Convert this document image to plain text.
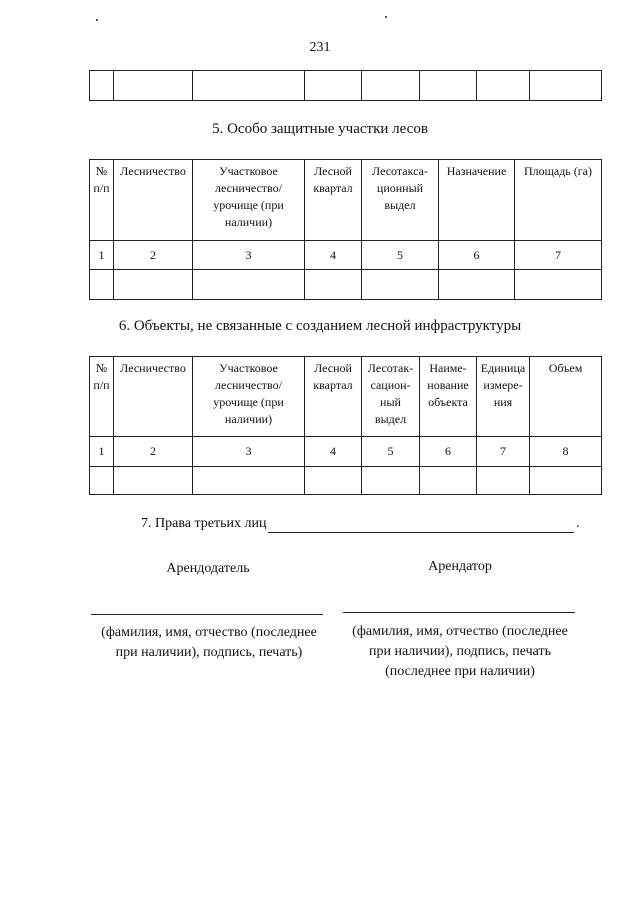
231

5. Особо защитные участки лесов
№ п/п	Лесничество	Участковое лесничество/ урочище (при наличии)	Лесной квартал	Лесотакса-ционный выдел	Назначение	Площадь (га)
1	2	3	4	5	6	7

6. Объекты, не связанные с созданием лесной инфраструктуры
№ п/п	Лесничество	Участковое лесничество/ урочище (при наличии)	Лесной квартал	Лесотак-сацион-ный выдел	Наиме-нование объекта	Единица измере-ния	Объем
1	2	3	4	5	6	7	8

7. Права третьих лиц	.
Арендодатель	Арендатор
(фамилия, имя, отчество (последнее при наличии), подпись, печать)
(фамилия, имя, отчество (последнее при наличии), подпись, печать (последнее при наличии)
